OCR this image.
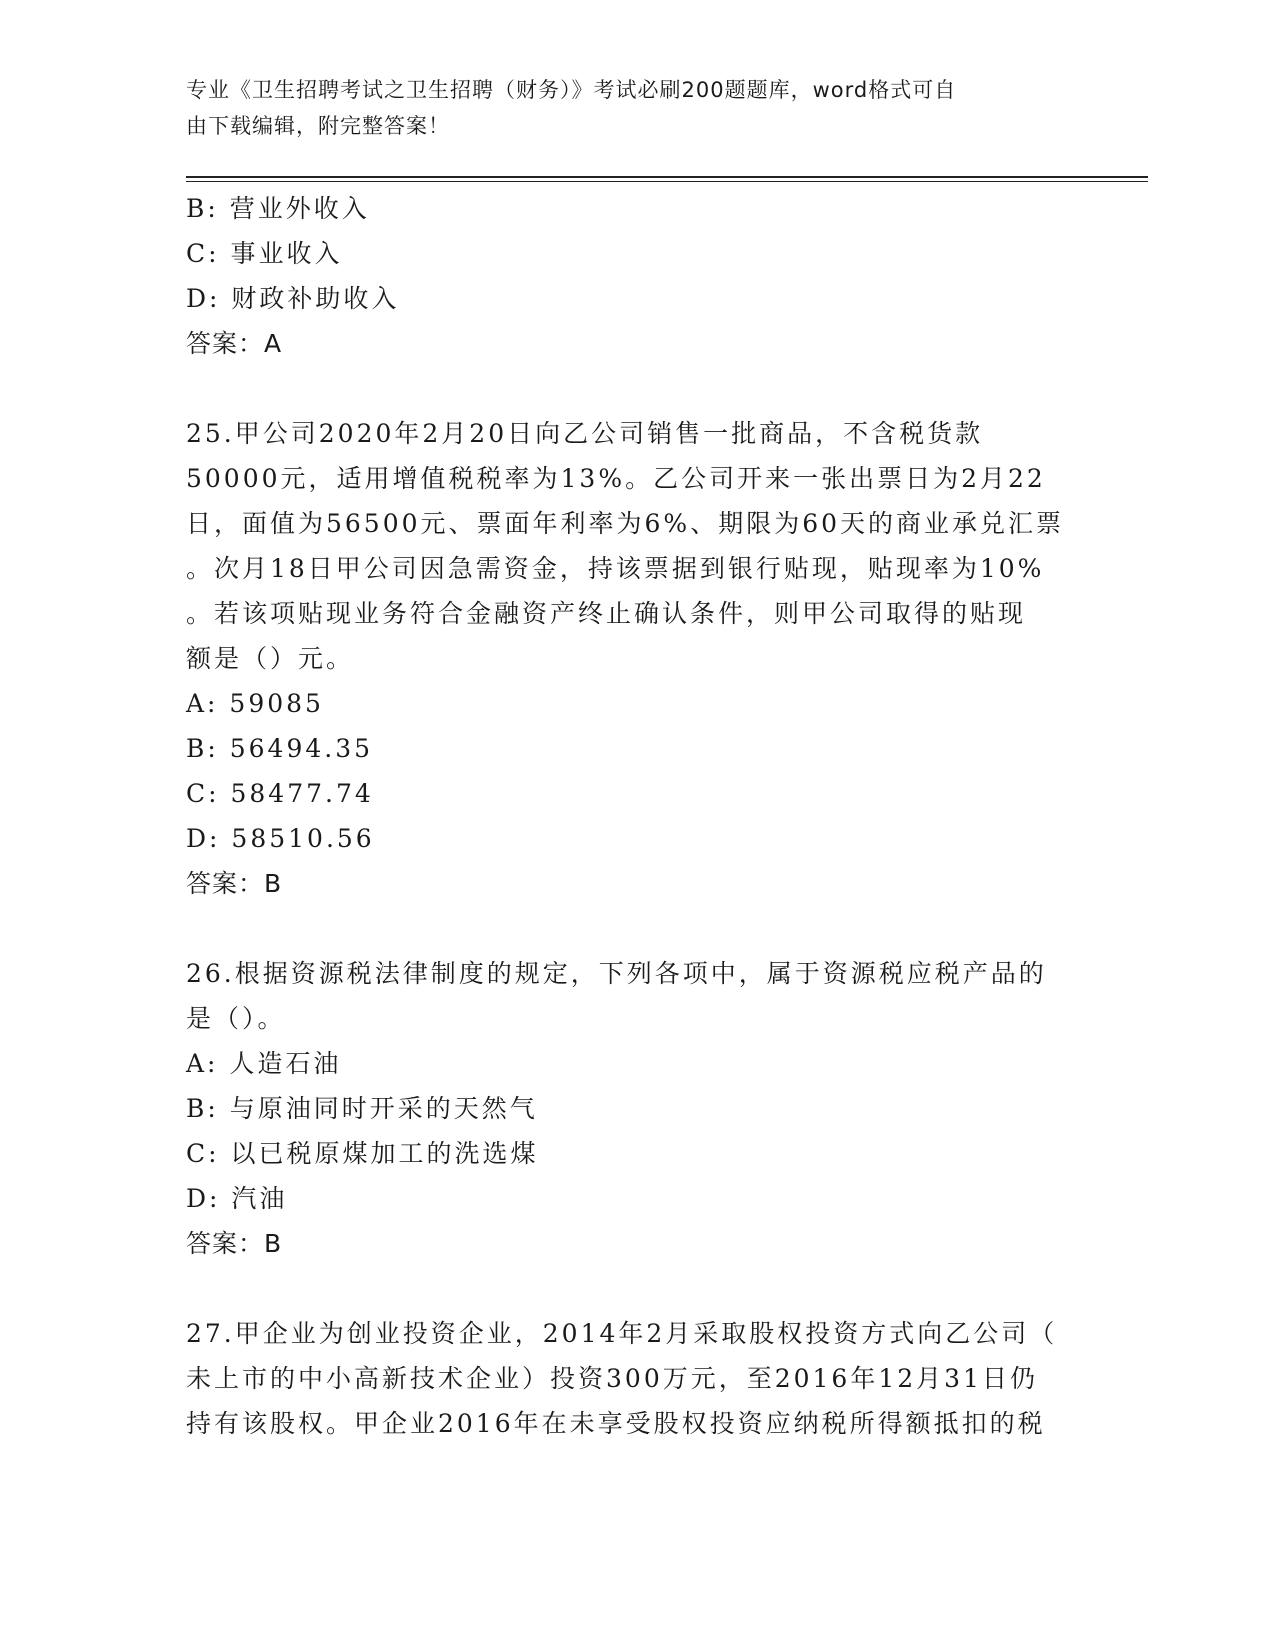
专业《卫生招聘考试之卫生招聘（财务）》考试必刷200题题库，word格式可自
由下载编辑，附完整答案！
B: 营业外收入
C: 事业收入
D: 财政补助收入
答案：A
25.甲公司2020年2月20日向乙公司销售一批商品，不含税货款
50000元，适用增值税税率为13%。乙公司开来一张出票日为2月22
日，面值为56500元、票面年利率为6%、期限为60天的商业承兑汇票
。次月18日甲公司因急需资金，持该票据到银行贴现，贴现率为10%
。若该项贴现业务符合金融资产终止确认条件，则甲公司取得的贴现
额是（）元。
A: 59085
B: 56494.35
C: 58477.74
D: 58510.56
答案：B
26.根据资源税法律制度的规定，下列各项中，属于资源税应税产品的
是（）。
A: 人造石油
B: 与原油同时开采的天然气
C: 以已税原煤加工的洗选煤
D: 汽油
答案：B
27.甲企业为创业投资企业，2014年2月采取股权投资方式向乙公司（
未上市的中小高新技术企业）投资300万元，至2016年12月31日仍
持有该股权。甲企业2016年在未享受股权投资应纳税所得额抵扣的税
